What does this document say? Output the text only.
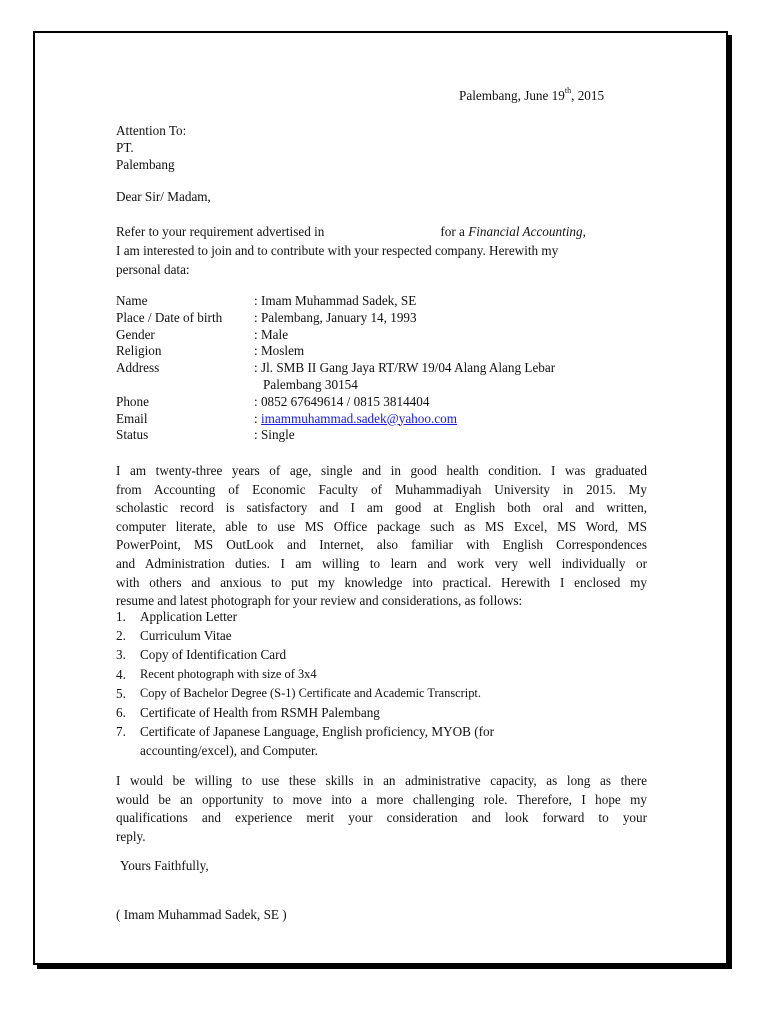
Palembang, June 19th, 2015
Attention To:
PT.
Palembang
Dear Sir/ Madam,
Refer to your requirement advertised in	for a Financial Accounting,
I am interested to join and to contribute with your respected company. Herewith my
personal data:
Name	: Imam Muhammad Sadek, SE
Place / Date of birth	: Palembang, January 14, 1993
Gender	: Male
Religion	: Moslem
Address	: Jl. SMB II Gang Jaya RT/RW 19/04 Alang Alang Lebar
Palembang 30154
Phone	: 0852 67649614 / 0815 3814404
Email	: imammuhammad.sadek@yahoo.com
Status	: Single
I am twenty-three years of age, single and in good health condition. I was graduated
from Accounting of Economic Faculty of Muhammadiyah University in 2015. My
scholastic record is satisfactory and I am good at English both oral and written,
computer literate, able to use MS Office package such as MS Excel, MS Word, MS
PowerPoint, MS OutLook and Internet, also familiar with English Correspondences
and Administration duties. I am willing to learn and work very well individually or
with others and anxious to put my knowledge into practical. Herewith I enclosed my
resume and latest photograph for your review and considerations, as follows:
1.	Application Letter
2.	Curriculum Vitae
3.	Copy of Identification Card
4.	Recent photograph with size of 3x4
5.	Copy of Bachelor Degree (S-1) Certificate and Academic Transcript.
6.	Certificate of Health from RSMH Palembang
7.	Certificate of Japanese Language, English proficiency, MYOB (for
accounting/excel), and Computer.
I would be willing to use these skills in an administrative capacity, as long as there
would be an opportunity to move into a more challenging role. Therefore, I hope my
qualifications and experience merit your consideration and look forward to your
reply.
Yours Faithfully,
( Imam Muhammad Sadek, SE )
